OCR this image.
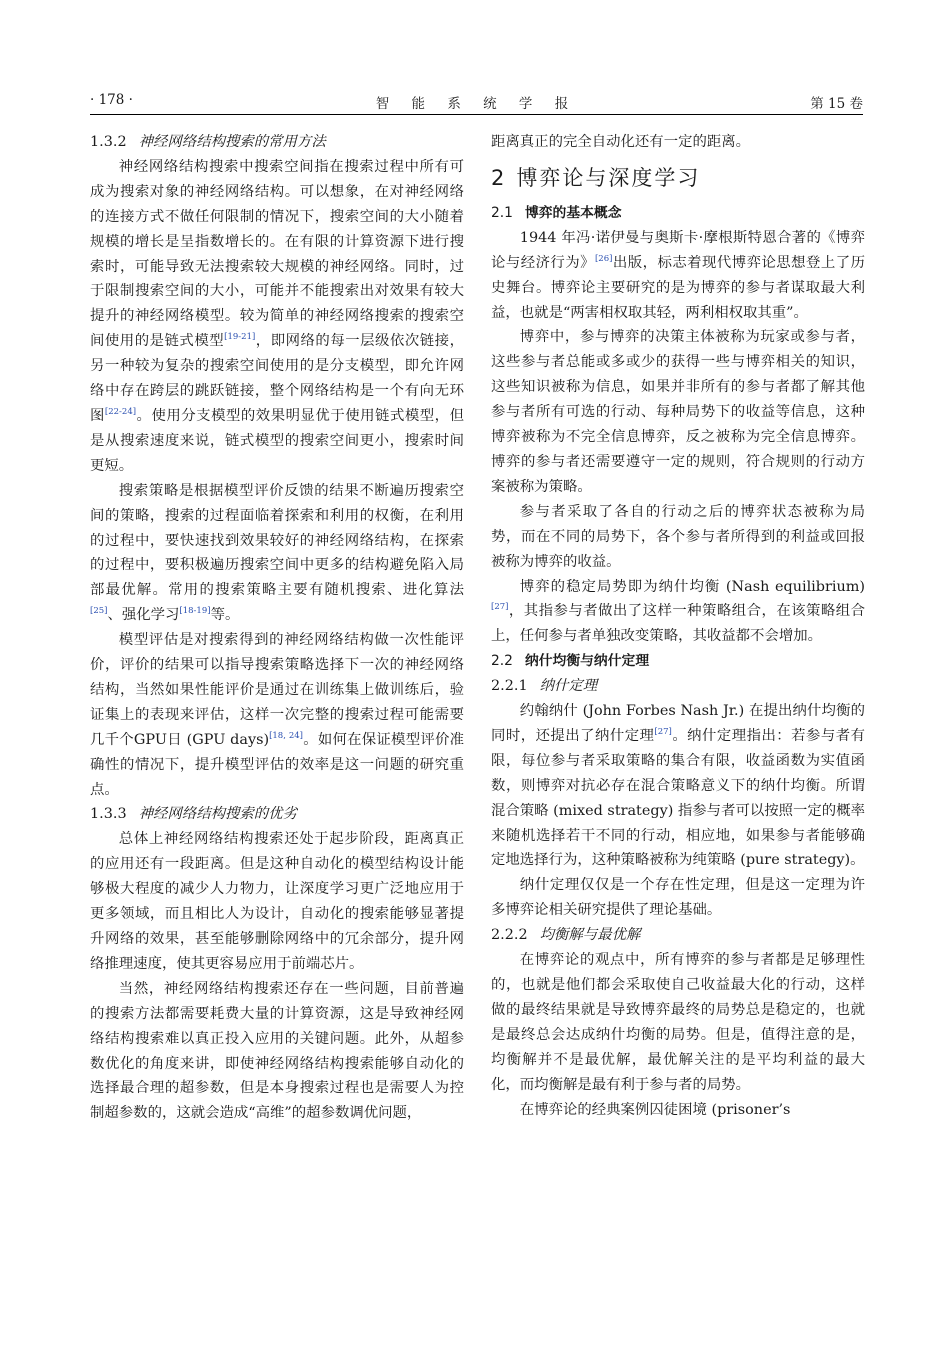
· 178 ·	智 能 系 统 学 报	第 15 卷
1.3.2 神经网络结构搜索的常用方法

神经网络结构搜索中搜索空间指在搜索过程中所有可成为搜索对象的神经网络结构。可以想象，在对神经网络的连接方式不做任何限制的情况下，搜索空间的大小随着规模的增长是呈指数增长的。在有限的计算资源下进行搜索时，可能导致无法搜索较大规模的神经网络。同时，过于限制搜索空间的大小，可能并不能搜索出对效果有较大提升的神经网络模型。较为简单的神经网络搜索的搜索空间使用的是链式模型[19-21]，即网络的每一层级依次链接，另一种较为复杂的搜索空间使用的是分支模型，即允许网络中存在跨层的跳跃链接，整个网络结构是一个有向无环图[22-24]。使用分支模型的效果明显优于使用链式模型，但是从搜索速度来说，链式模型的搜索空间更小，搜索时间更短。

搜索策略是根据模型评价反馈的结果不断遍历搜索空间的策略，搜索的过程面临着探索和利用的权衡，在利用的过程中，要快速找到效果较好的神经网络结构，在探索的过程中，要积极遍历搜索空间中更多的结构避免陷入局部最优解。常用的搜索策略主要有随机搜索、进化算法[25]、强化学习[18-19]等。

模型评估是对搜索得到的神经网络结构做一次性能评价，评价的结果可以指导搜索策略选择下一次的神经网络结构，当然如果性能评价是通过在训练集上做训练后，验证集上的表现来评估，这样一次完整的搜索过程可能需要几千个GPU日 (GPU days)[18, 24]。如何在保证模型评价准确性的情况下，提升模型评估的效率是这一问题的研究重点。

1.3.3 神经网络结构搜索的优劣

总体上神经网络结构搜索还处于起步阶段，距离真正的应用还有一段距离。但是这种自动化的模型结构设计能够极大程度的减少人力物力，让深度学习更广泛地应用于更多领域，而且相比人为设计，自动化的搜索能够显著提升网络的效果，甚至能够删除网络中的冗余部分，提升网络推理速度，使其更容易应用于前端芯片。

当然，神经网络结构搜索还存在一些问题，目前普遍的搜索方法都需要耗费大量的计算资源，这是导致神经网络结构搜索难以真正投入应用的关键问题。此外，从超参数优化的角度来讲，即使神经网络结构搜索能够自动化的选择最合理的超参数，但是本身搜索过程也是需要人为控制超参数的，这就会造成“高维”的超参数调优问题，

距离真正的完全自动化还有一定的距离。

2 博弈论与深度学习
2.1 博弈的基本概念

1944 年冯·诺伊曼与奥斯卡·摩根斯特恩合著的《博弈论与经济行为》[26]出版，标志着现代博弈论思想登上了历史舞台。博弈论主要研究的是为博弈的参与者谋取最大利益，也就是“两害相权取其轻，两利相权取其重”。

博弈中，参与博弈的决策主体被称为玩家或参与者，这些参与者总能或多或少的获得一些与博弈相关的知识，这些知识被称为信息，如果并非所有的参与者都了解其他参与者所有可选的行动、每种局势下的收益等信息，这种博弈被称为不完全信息博弈，反之被称为完全信息博弈。博弈的参与者还需要遵守一定的规则，符合规则的行动方案被称为策略。

参与者采取了各自的行动之后的博弈状态被称为局势，而在不同的局势下，各个参与者所得到的利益或回报被称为博弈的收益。

博弈的稳定局势即为纳什均衡 (Nash equilibrium)[27]，其指参与者做出了这样一种策略组合，在该策略组合上，任何参与者单独改变策略，其收益都不会增加。

2.2 纳什均衡与纳什定理
2.2.1 纳什定理

约翰纳什 (John Forbes Nash Jr.) 在提出纳什均衡的同时，还提出了纳什定理[27]。纳什定理指出：若参与者有限，每位参与者采取策略的集合有限，收益函数为实值函数，则博弈对抗必存在混合策略意义下的纳什均衡。所谓混合策略 (mixed strategy) 指参与者可以按照一定的概率来随机选择若干不同的行动，相应地，如果参与者能够确定地选择行为，这种策略被称为纯策略 (pure strategy)。

纳什定理仅仅是一个存在性定理，但是这一定理为许多博弈论相关研究提供了理论基础。

2.2.2 均衡解与最优解

在博弈论的观点中，所有博弈的参与者都是足够理性的，也就是他们都会采取使自己收益最大化的行动，这样做的最终结果就是导致博弈最终的局势总是稳定的，也就是最终总会达成纳什均衡的局势。但是，值得注意的是，均衡解并不是最优解，最优解关注的是平均利益的最大化，而均衡解是最有利于参与者的局势。

在博弈论的经典案例囚徒困境 (prisoner’s
